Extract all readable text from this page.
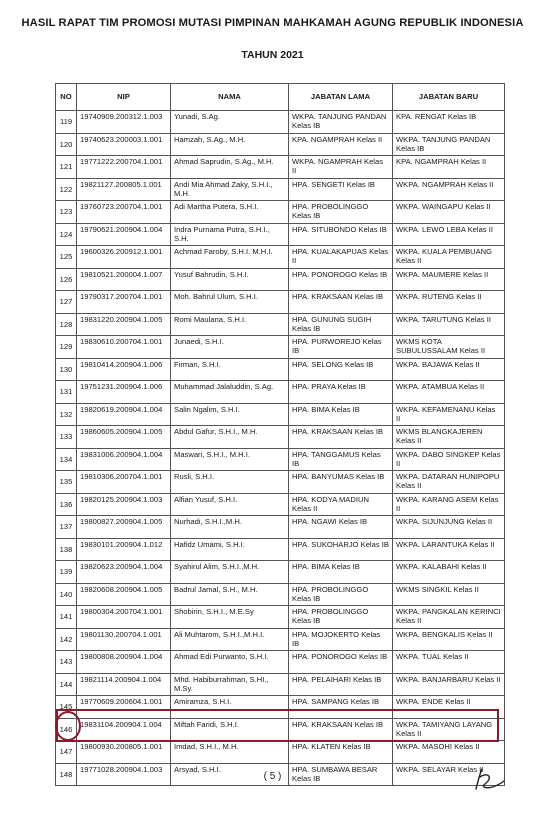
HASIL RAPAT TIM PROMOSI MUTASI PIMPINAN MAHKAMAH AGUNG REPUBLIK INDONESIA
TAHUN 2021
NO	NIP	NAMA	JABATAN LAMA	JABATAN BARU
119	19740909.200312.1.003	Yunadi, S.Ag.	WKPA. TANJUNG PANDAN Kelas IB	KPA. RENGAT Kelas IB
120	19740623.200003.1.001	Hamzah, S.Ag., M.H.	KPA. NGAMPRAH Kelas II	WKPA. TANJUNG PANDAN Kelas IB
121	19771222.200704.1.001	Ahmad Saprudin, S.Ag., M.H.	WKPA. NGAMPRAH Kelas II	KPA. NGAMPRAH Kelas II
122	19821127.200805.1.001	Andi Mia Ahmad Zaky, S.H.I., M.H.	HPA. SENGETI Kelas IB	WKPA. NGAMPRAH Kelas II
123	19760723.200704.1.001	Adi Martha Putera, S.H.I.	HPA. PROBOLINGGO Kelas IB	WKPA. WAINGAPU Kelas II
124	19790621.200904.1.004	Indra Purnama Putra, S.H.I., S.H.	HPA. SITUBONDO Kelas IB	WKPA. LEWO LEBA Kelas II
125	19600326.200912.1.001	Achmad Faroby, S.H.I. M.H.I.	HPA. KUALAKAPUAS Kelas II	WKPA. KUALA PEMBUANG Kelas II
126	19810521.200004.1.007	Yusuf Bahrudin, S.H.I.	HPA. PONOROGO Kelas IB	WKPA. MAUMERE Kelas II
127	19790317.200704.1.001	Moh. Bahrul Ulum, S.H.I.	HPA. KRAKSAAN Kelas IB	WKPA. RUTENG Kelas II
128	19831220.200904.1.005	Romi Maulana, S.H.I.	HPA. GUNUNG SUGIH Kelas IB	WKPA. TARUTUNG Kelas II
129	19830610.200704.1.001	Junaedi, S.H.I.	HPA. PURWOREJO Kelas IB	WKMS KOTA SUBULUSSALAM Kelas II
130	19810414.200904.1.006	Firman, S.H.I.	HPA. SELONG Kelas IB	WKPA. BAJAWA Kelas II
131	19751231.200904.1.006	Muhammad Jalaluddin, S.Ag.	HPA. PRAYA Kelas IB	WKPA. ATAMBUA Kelas II
132	19820619.200904.1.004	Salin Ngalim, S.H.I.	HPA. BIMA Kelas IB	WKPA. KEFAMENANU Kelas II
133	19860605.200904.1.005	Abdul Gafur, S.H.I., M.H.	HPA. KRAKSAAN Kelas IB	WKMS BLANGKAJEREN Kelas II
134	19831006.200904.1.004	Maswari, S.H.I., M.H.I.	HPA. TANGGAMUS Kelas IB	WKPA. DABO SINGKEP Kelas II
135	19810306.200704.1.001	Rusli, S.H.I.	HPA. BANYUMAS Kelas IB	WKPA. DATARAN HUNIPOPU Kelas II
136	19820125.200904.1.003	Alfian Yusuf, S.H.I.	HPA. KODYA MADIUN Kelas II	WKPA. KARANG ASEM Kelas II
137	19800827.200904.1.005	Nurhadi, S.H.I.,M.H.	HPA. NGAWI Kelas IB	WKPA. SIJUNJUNG Kelas II
138	19830101.200904.1.012	Hafidz Umami, S.H.I.	HPA. SUKOHARJO Kelas IB	WKPA. LARANTUKA Kelas II
139	19820623.200904.1.004	Syahirul Alim, S.H.I.,M.H.	HPA. BIMA Kelas IB	WKPA. KALABAHI Kelas II
140	19820608.200904.1.005	Badrul Jamal, S.H., M.H.	HPA. PROBOLINGGO Kelas IB	WKMS SINGKIL Kelas II
141	19800304.200704.1.001	Shobirin, S.H.I., M.E.Sy	HPA. PROBOLINGGO Kelas IB	WKPA. PANGKALAN KERINCI Kelas II
142	19801130.200704.1.001	Ali Muhtarom, S.H.I.,M.H.I.	HPA. MOJOKERTO Kelas IB	WKPA. BENGKALIS Kelas II
143	19800808.200904.1.004	Ahmad Edi Purwanto, S.H.I.	HPA. PONOROGO Kelas IB	WKPA. TUAL Kelas II
144	19821114.200904.1.004	Mhd. Habiburrahman, S.HI., M.Sy.	HPA. PELAIHARI Kelas IB	WKPA. BANJARBARU Kelas II
145	19770609.200604.1.001	Amiramza, S.H.I.	HPA. SAMPANG Kelas IB	WKPA. ENDE Kelas II
146	19831104.200904.1.004	Miftah Faridi, S.H.I.	HPA. KRAKSAAN Kelas IB	WKPA. TAMIYANG LAYANG Kelas II
147	19800930.200805.1.001	Imdad, S.H.I., M.H.	HPA. KLATEN Kelas IB	WKPA. MASOHI Kelas II
148	19771028.200904.1.003	Arsyad, S.H.I.	HPA. SUMBAWA BESAR Kelas IB	WKPA. SELAYAR Kelas II
( 5 )
